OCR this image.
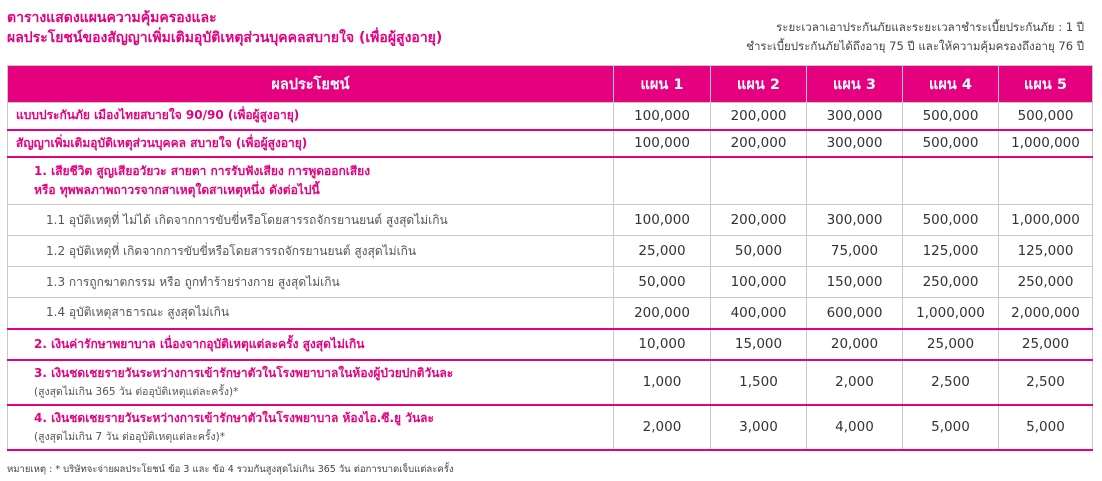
ตารางแสดงแผนความคุ้มครองและ
ผลประโยชน์ของสัญญาเพิ่มเติมอุบัติเหตุส่วนบุคคลสบายใจ (เพื่อผู้สูงอายุ)
ระยะเวลาเอาประกันภัยและระยะเวลาชำระเบี้ยประกันภัย : 1 ปี
ชำระเบี้ยประกันภัยได้ถึงอายุ 75 ปี และให้ความคุ้มครองถึงอายุ 76 ปี
ผลประโยชน์	แผน 1	แผน 2	แผน 3	แผน 4	แผน 5
แบบประกันภัย เมืองไทยสบายใจ 90/90 (เพื่อผู้สูงอายุ)	100,000	200,000	300,000	500,000	500,000
สัญญาเพิ่มเติมอุบัติเหตุส่วนบุคคล สบายใจ (เพื่อผู้สูงอายุ)	100,000	200,000	300,000	500,000	1,000,000

1. เสียชีวิต สูญเสียอวัยวะ สายตา การรับฟังเสียง การพูดออกเสียง
หรือ ทุพพลภาพถาวรจากสาเหตุใดสาเหตุหนึ่ง ดังต่อไปนี้					

1.1 อุบัติเหตุที่ ไม่ได้ เกิดจากการขับขี่หรือโดยสารรถจักรยานยนต์ สูงสุดไม่เกิน	100,000	200,000	300,000	500,000	1,000,000
1.2 อุบัติเหตุที่ เกิดจากการขับขี่หรือโดยสารรถจักรยานยนต์ สูงสุดไม่เกิน	25,000	50,000	75,000	125,000	125,000
1.3 การถูกฆาตกรรม หรือ ถูกทำร้ายร่างกาย สูงสุดไม่เกิน	50,000	100,000	150,000	250,000	250,000
1.4 อุบัติเหตุสาธารณะ สูงสุดไม่เกิน	200,000	400,000	600,000	1,000,000	2,000,000
2. เงินค่ารักษาพยาบาล เนื่องจากอุบัติเหตุแต่ละครั้ง สูงสุดไม่เกิน	10,000	15,000	20,000	25,000	25,000

3. เงินชดเชยรายวันระหว่างการเข้ารักษาตัวในโรงพยาบาลในห้องผู้ป่วยปกติวันละ
(สูงสุดไม่เกิน 365 วัน ต่ออุบัติเหตุแต่ละครั้ง)*	1,000	1,500	2,000	2,500	2,500

4. เงินชดเชยรายวันระหว่างการเข้ารักษาตัวในโรงพยาบาล ห้องไอ.ซี.ยู วันละ
(สูงสุดไม่เกิน 7 วัน ต่ออุบัติเหตุแต่ละครั้ง)*	2,000	3,000	4,000	5,000	5,000
หมายเหตุ : * บริษัทจะจ่ายผลประโยชน์ ข้อ 3 และ ข้อ 4 รวมกันสูงสุดไม่เกิน 365 วัน ต่อการบาดเจ็บแต่ละครั้ง
